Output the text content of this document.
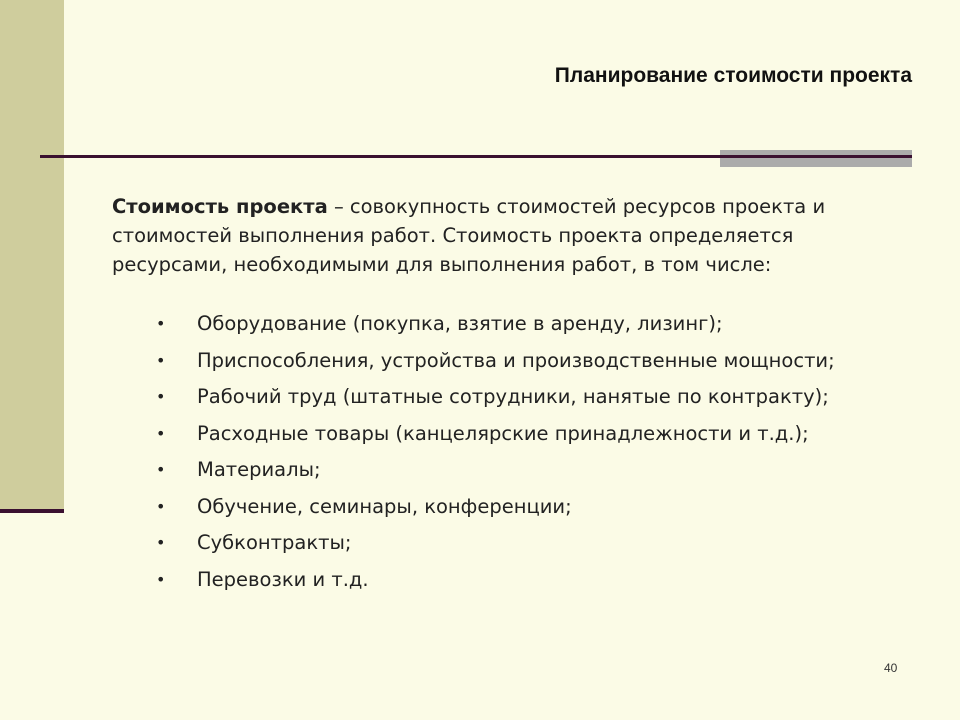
Планирование стоимости проекта
Стоимость проекта – совокупность стоимостей ресурсов проекта и стоимостей выполнения работ. Стоимость проекта определяется ресурсами, необходимыми для выполнения работ, в том числе:
• Оборудование (покупка, взятие в аренду, лизинг);
• Приспособления, устройства и производственные мощности;
• Рабочий труд (штатные сотрудники, нанятые по контракту);
• Расходные товары (канцелярские принадлежности и т.д.);
• Материалы;
• Обучение, семинары, конференции;
• Субконтракты;
• Перевозки и т.д.
40
